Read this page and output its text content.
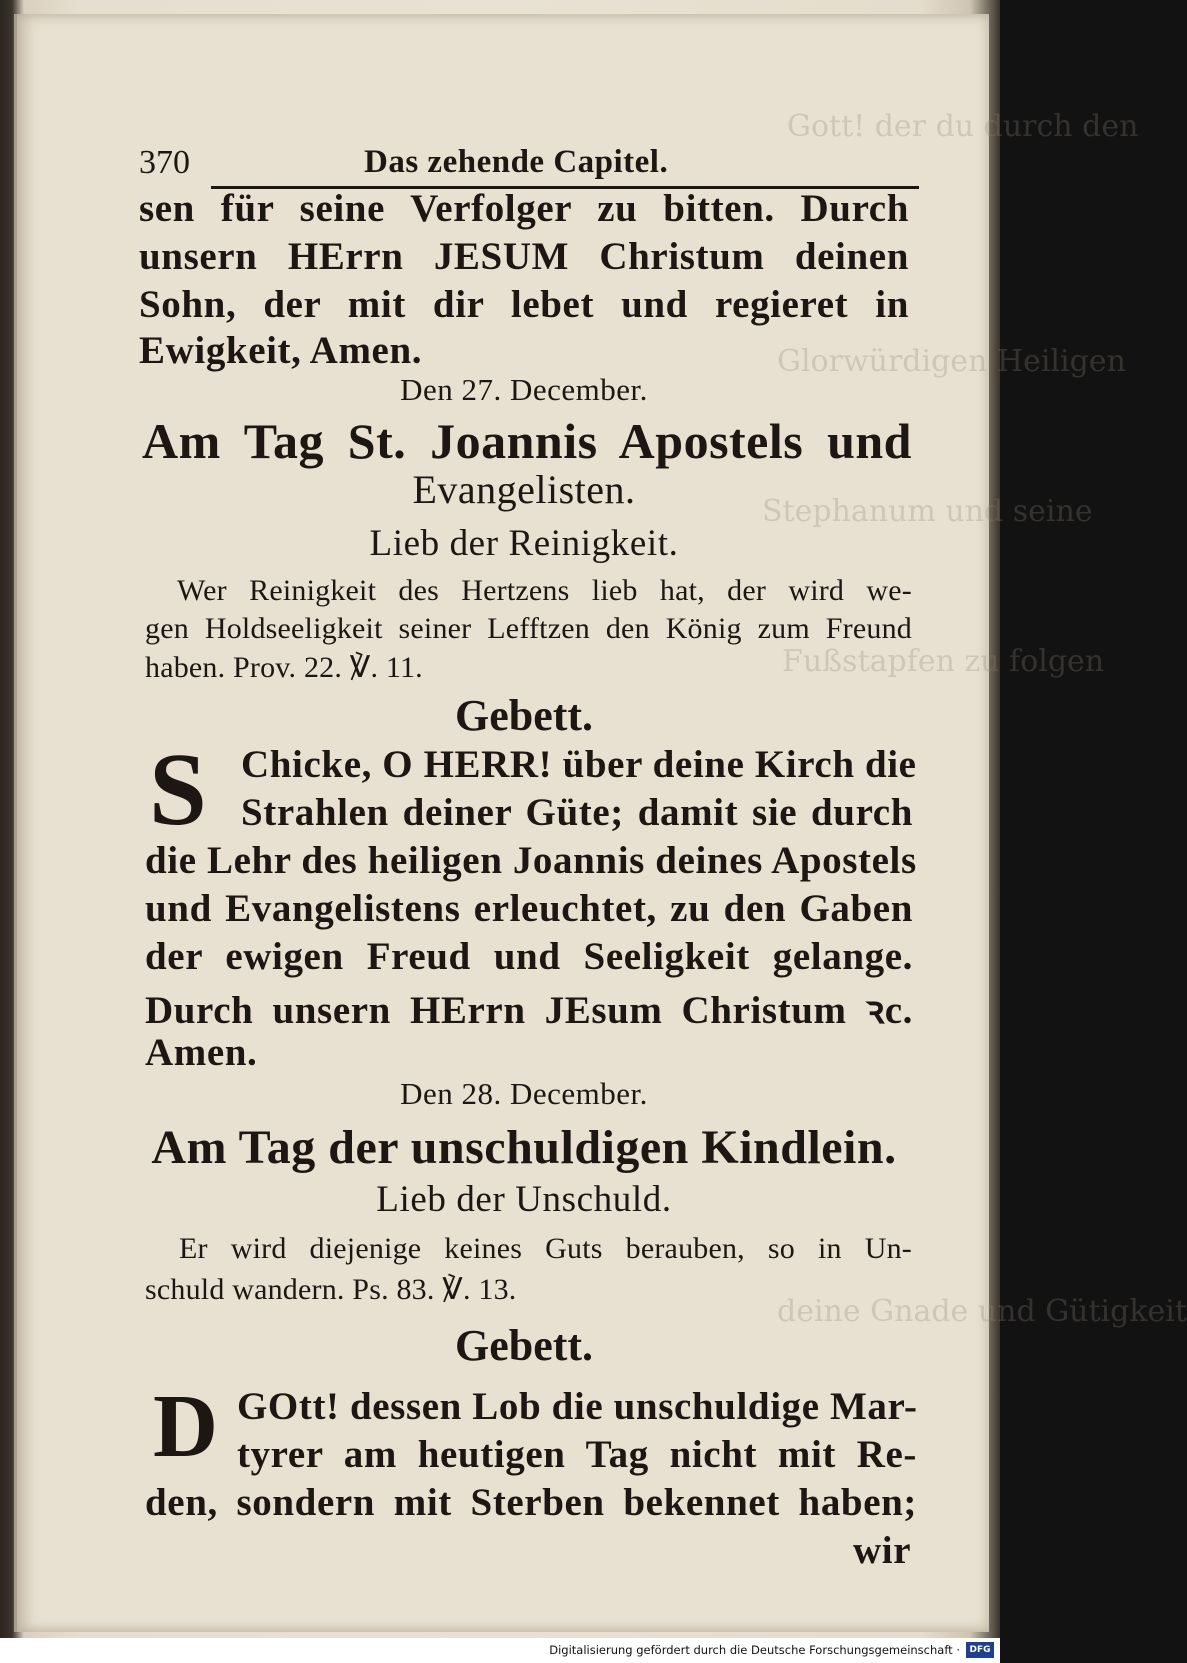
Gott! der du durch den
Glorwürdigen Heiligen
Stephanum und seine
Fußstapfen zu folgen
deine Gnade und Gütigkeit
370	Das zehende Capitel.
sen für seine Verfolger zu bitten. Durch
unsern HErrn JESUM Christum deinen
Sohn, der mit dir lebet und regieret in
Ewigkeit, Amen.
Den 27. December.
Am Tag St. Joannis Apostels und
Evangelisten.
Lieb der Reinigkeit.
Wer Reinigkeit des Hertzens lieb hat, der wird we-
gen Holdseeligkeit seiner Lefftzen den König zum Freund
haben. Prov. 22. ℣. 11.
Gebett.
S Chicke, O HERR! über deine Kirch die
Strahlen deiner Güte; damit sie durch
die Lehr des heiligen Joannis deines Apostels
und Evangelistens erleuchtet, zu den Gaben
der ewigen Freud und Seeligkeit gelange.
Durch unsern HErrn JEsum Christum ꝛc.
Amen.
Den 28. December.
Am Tag der unschuldigen Kindlein.
Lieb der Unschuld.
Er wird diejenige keines Guts berauben, so in Un-
schuld wandern. Ps. 83. ℣. 13.
Gebett.
D GOtt! dessen Lob die unschuldige Mar-
tyrer am heutigen Tag nicht mit Re-
den, sondern mit Sterben bekennet haben;
wir
Digitalisierung gefördert durch die Deutsche Forschungsgemeinschaft ·	DFG
